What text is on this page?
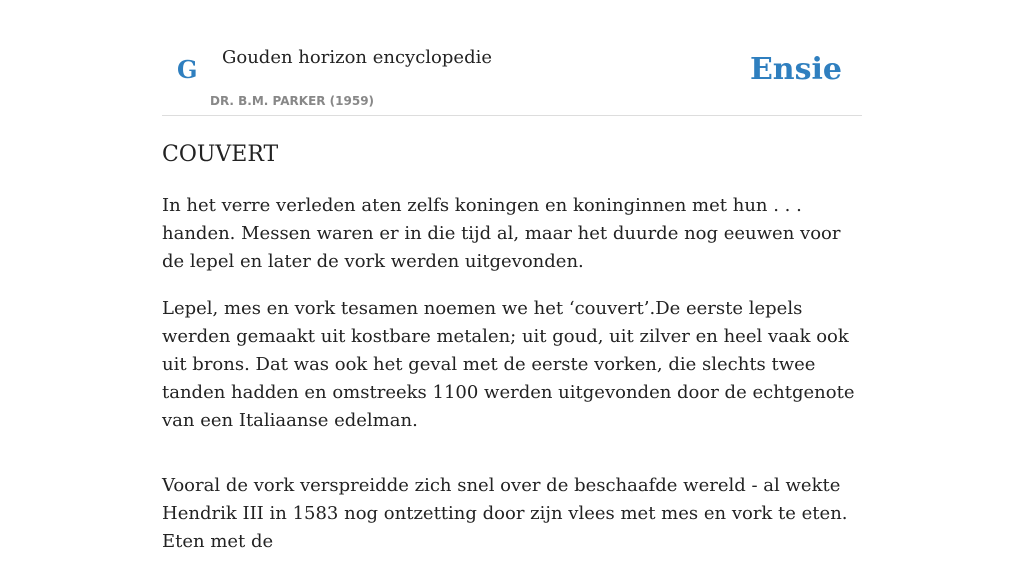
G Gouden horizon encyclopedie
DR. B.M. PARKER (1959)
Ensie
COUVERT

In het verre verleden aten zelfs koningen en koninginnen met hun . . . handen. Messen waren er in die tijd al, maar het duurde nog eeuwen voor de lepel en later de vork werden uitgevonden.

Lepel, mes en vork tesamen noemen we het ‘couvert’.De eerste lepels werden gemaakt uit kostbare metalen; uit goud, uit zilver en heel vaak ook uit brons. Dat was ook het geval met de eerste vorken, die slechts twee tanden hadden en omstreeks 1100 werden uitgevonden door de echtgenote van een Italiaanse edelman.

Vooral de vork verspreidde zich snel over de beschaafde wereld - al wekte Hendrik III in 1583 nog ontzetting door zijn vlees met mes en vork te eten. Eten met de
